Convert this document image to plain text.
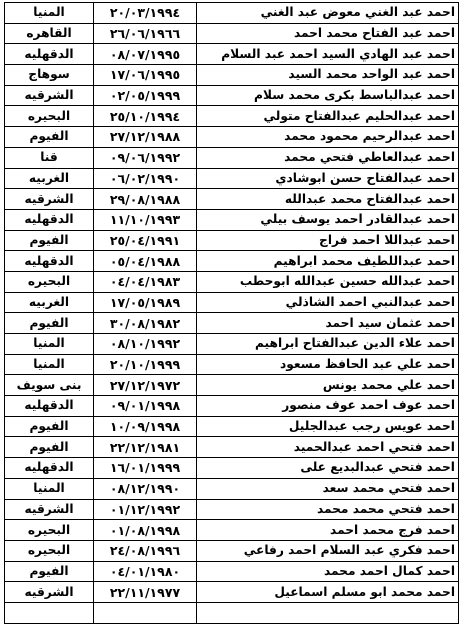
احمد عبد الغني معوض عبد الغني	٢٠/٠٣/١٩٩٤	المنيا
احمد عبد الفتاح محمد احمد	٢٦/٠٦/١٩٦٦	القاهره
احمد عبد الهادي السيد احمد عبد السلام	٠٨/٠٧/١٩٩٥	الدقهليه
احمد عبد الواحد محمد السيد	١٧/٠٦/١٩٩٥	سوهاج
احمد عبدالباسط بكرى محمد سلام	٠٢/٠٥/١٩٩٩	الشرقيه
احمد عبدالحليم عبدالفتاح متولي	٢٥/١٠/١٩٩٤	البحيره
احمد عبدالرحيم محمود محمد	٢٧/١٢/١٩٨٨	الفيوم
احمد عبدالعاطي فتحي محمد	٠٩/٠٦/١٩٩٢	قنا
احمد عبدالفتاح حسن ابوشادي	٠٦/٠٢/١٩٩٠	الغربيه
احمد عبدالفتاح محمد عبدالله	٢٩/٠٨/١٩٨٨	الشرقيه
احمد عبدالقادر احمد يوسف بيلي	١١/١٠/١٩٩٣	الدقهليه
احمد عبداللا احمد فراج	٢٥/٠٤/١٩٩١	الفيوم
احمد عبداللطيف محمد ابراهيم	٠٥/٠٤/١٩٨٨	الدقهليه
احمد عبدالله حسين عبدالله ابوحطب	٠٤/٠٤/١٩٨٣	البحيره
احمد عبدالنبي احمد الشاذلي	١٧/٠٥/١٩٨٩	الغربيه
احمد عثمان سيد احمد	٣٠/٠٨/١٩٨٢	الفيوم
احمد علاء الدين عبدالفتاح ابراهيم	٠٨/١٠/١٩٩٢	المنيا
احمد علي عبد الحافظ مسعود	٢٠/١٠/١٩٩٩	المنيا
احمد علي محمد يونس	٢٧/١٢/١٩٧٢	بنى سويف
احمد عوف احمد عوف منصور	٠٩/٠١/١٩٩٨	الدقهليه
احمد عويس رجب عبدالجليل	١٠/٠٩/١٩٩٨	الفيوم
احمد فتحي احمد عبدالحميد	٢٢/١٢/١٩٨١	الفيوم
احمد فتحي عبدالبديع على	١٦/٠١/١٩٩٩	الدقهليه
احمد فتحي محمد سعد	٠٨/١٢/١٩٩٠	المنيا
احمد فتحي محمد محمد	٠١/١٢/١٩٩٢	الشرقيه
احمد فرج محمد احمد	٠١/٠٨/١٩٩٨	البحيره
احمد فكري عبد السلام احمد رفاعي	٢٤/٠٨/١٩٩٦	البحيره
احمد كمال احمد محمد	٠٤/٠١/١٩٨٠	الفيوم
احمد محمد ابو مسلم اسماعيل	٢٢/١١/١٩٧٧	الشرقيه
